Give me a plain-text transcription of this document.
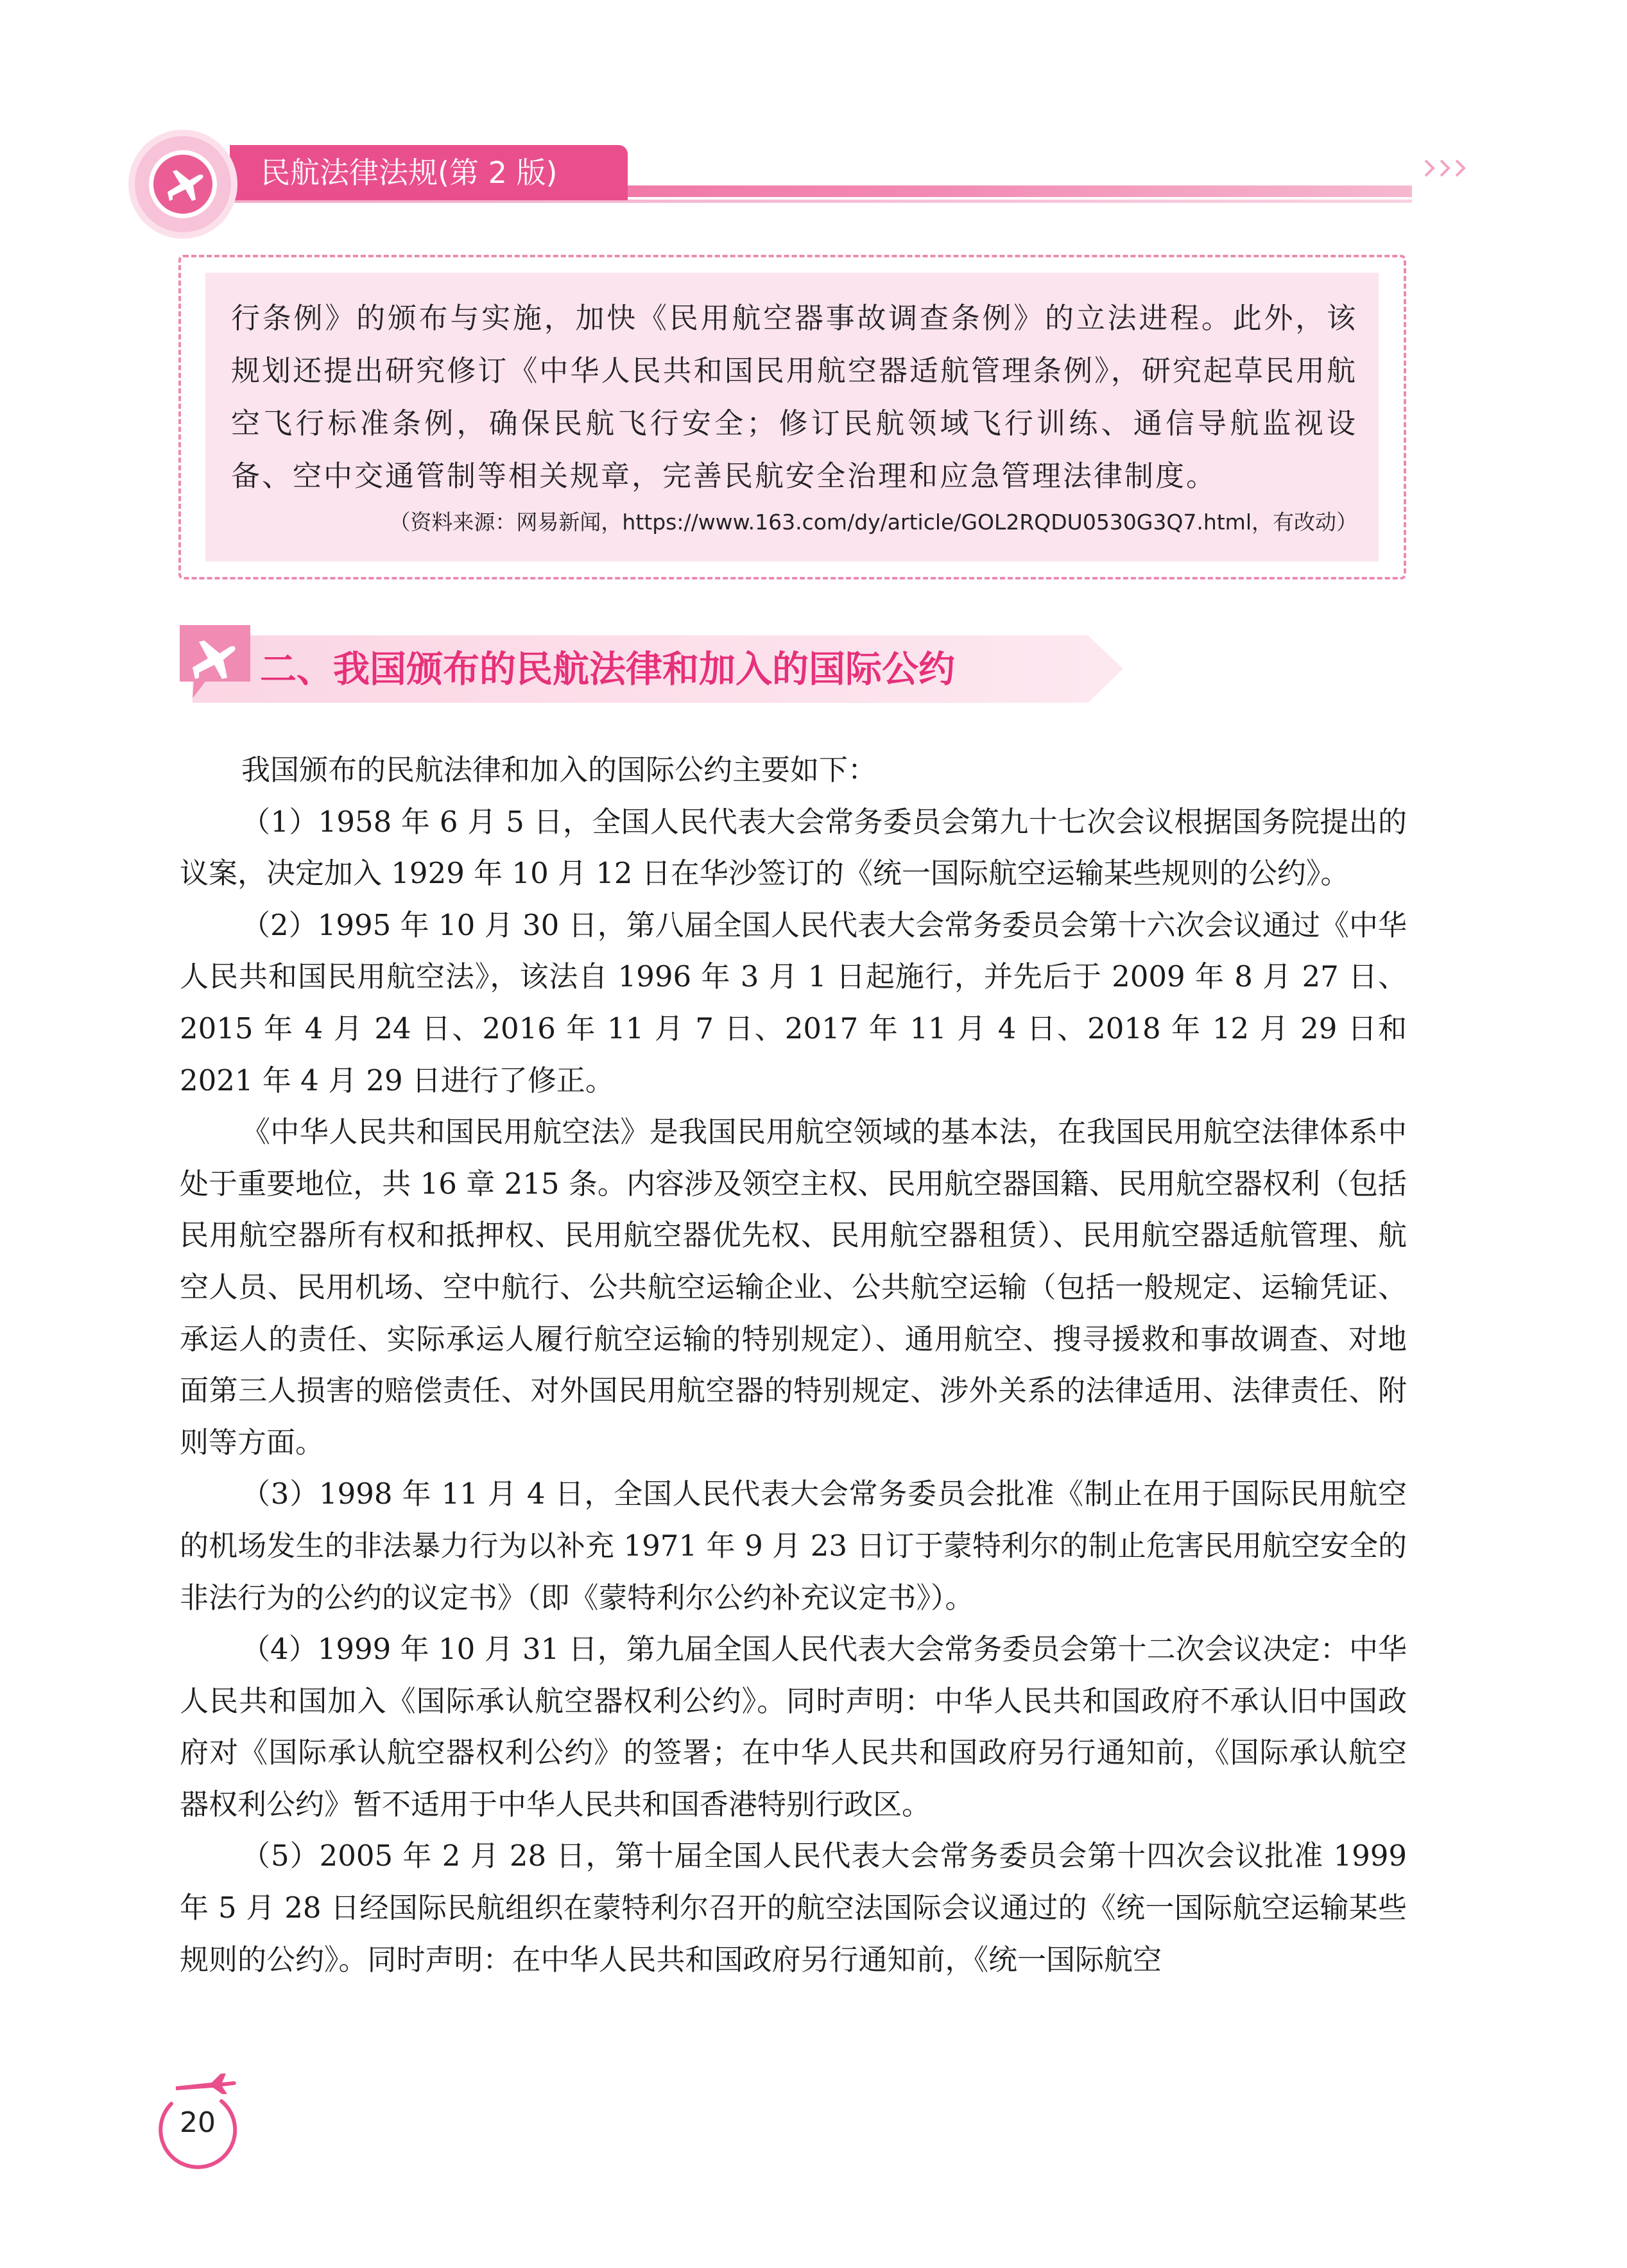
民航法律法规(第 2 版)
行条例》的颁布与实施，加快《民用航空器事故调查条例》的立法进程。此外，该规划还提出研究修订《中华人民共和国民用航空器适航管理条例》，研究起草民用航空飞行标准条例，确保民航飞行安全；修订民航领域飞行训练、通信导航监视设备、空中交通管制等相关规章，完善民航安全治理和应急管理法律制度。
（资料来源：网易新闻，https://www.163.com/dy/article/GOL2RQDU0530G3Q7.html，有改动）
二、我国颁布的民航法律和加入的国际公约

我国颁布的民航法律和加入的国际公约主要如下：

（1）1958 年 6 月 5 日，全国人民代表大会常务委员会第九十七次会议根据国务院提出的议案，决定加入 1929 年 10 月 12 日在华沙签订的《统一国际航空运输某些规则的公约》。

（2）1995 年 10 月 30 日，第八届全国人民代表大会常务委员会第十六次会议通过《中华人民共和国民用航空法》，该法自 1996 年 3 月 1 日起施行，并先后于 2009 年 8 月 27 日、2015 年 4 月 24 日、2016 年 11 月 7 日、2017 年 11 月 4 日、2018 年 12 月 29 日和 2021 年 4 月 29 日进行了修正。

《中华人民共和国民用航空法》是我国民用航空领域的基本法，在我国民用航空法律体系中处于重要地位，共 16 章 215 条。内容涉及领空主权、民用航空器国籍、民用航空器权利（包括民用航空器所有权和抵押权、民用航空器优先权、民用航空器租赁）、民用航空器适航管理、航空人员、民用机场、空中航行、公共航空运输企业、公共航空运输（包括一般规定、运输凭证、承运人的责任、实际承运人履行航空运输的特别规定）、通用航空、搜寻援救和事故调查、对地面第三人损害的赔偿责任、对外国民用航空器的特别规定、涉外关系的法律适用、法律责任、附则等方面。

（3）1998 年 11 月 4 日，全国人民代表大会常务委员会批准《制止在用于国际民用航空的机场发生的非法暴力行为以补充 1971 年 9 月 23 日订于蒙特利尔的制止危害民用航空安全的非法行为的公约的议定书》（即《蒙特利尔公约补充议定书》）。

（4）1999 年 10 月 31 日，第九届全国人民代表大会常务委员会第十二次会议决定：中华人民共和国加入《国际承认航空器权利公约》。同时声明：中华人民共和国政府不承认旧中国政府对《国际承认航空器权利公约》的签署；在中华人民共和国政府另行通知前，《国际承认航空器权利公约》暂不适用于中华人民共和国香港特别行政区。

（5）2005 年 2 月 28 日，第十届全国人民代表大会常务委员会第十四次会议批准 1999 年 5 月 28 日经国际民航组织在蒙特利尔召开的航空法国际会议通过的《统一国际航空运输某些规则的公约》。同时声明：在中华人民共和国政府另行通知前，《统一国际航空

20
